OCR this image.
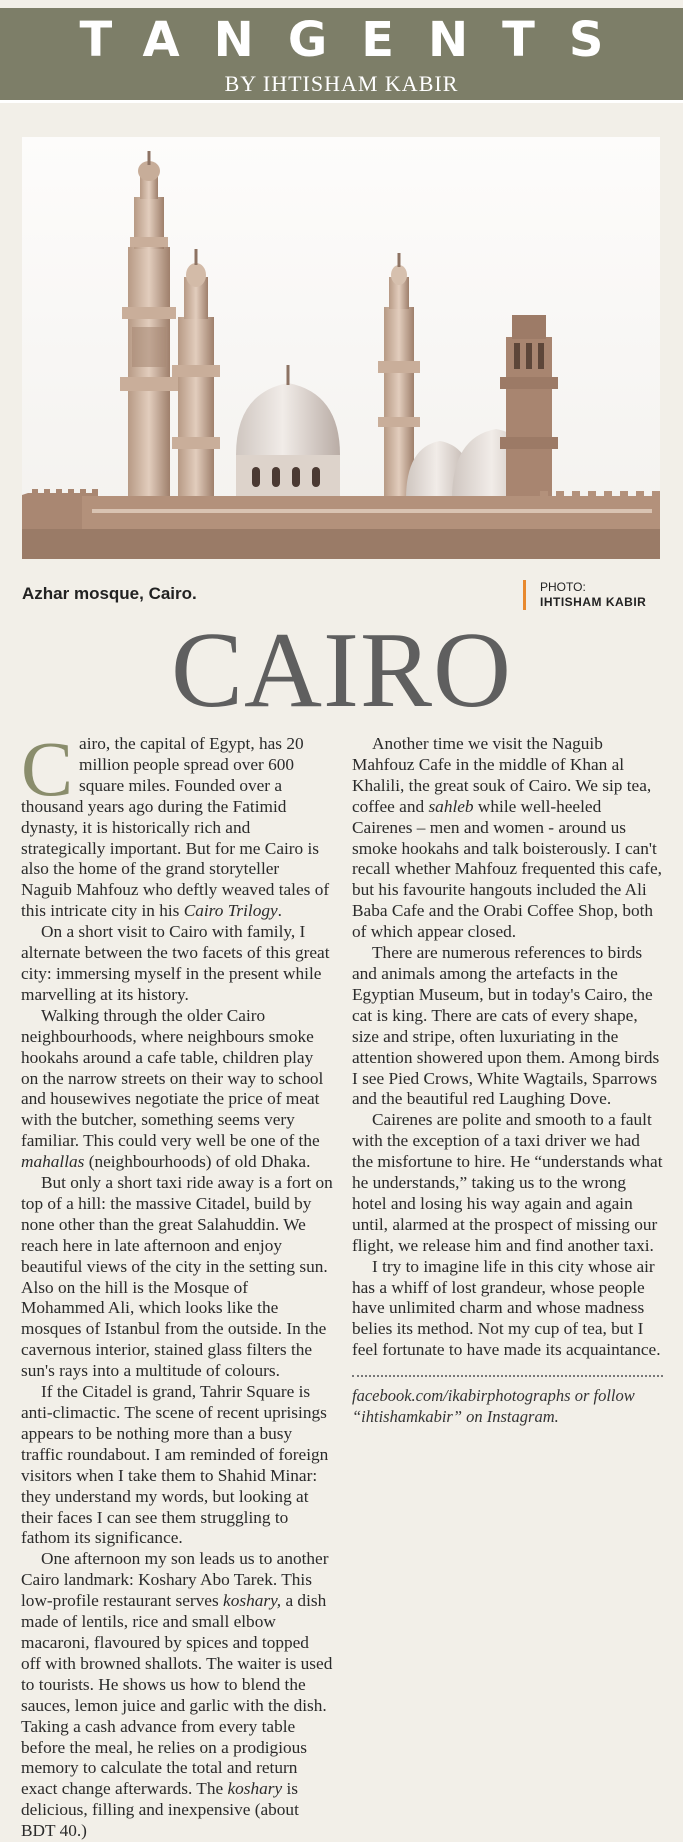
TANGENTS
BY IHTISHAM KABIR
Azhar mosque, Cairo.	PHOTO:
IHTISHAM KABIR
CAIRO

Cairo, the capital of Egypt, has 20 million people spread over 600 square miles. Founded over a thousand years ago during the Fatimid dynasty, it is historically rich and strategically important. But for me Cairo is also the home of the grand storyteller Naguib Mahfouz who deftly weaved tales of this intricate city in his Cairo Trilogy.

On a short visit to Cairo with family, I alternate between the two facets of this great city: immersing myself in the present while marvelling at its history.

Walking through the older Cairo neighbourhoods, where neighbours smoke hookahs around a cafe table, children play on the narrow streets on their way to school and housewives negotiate the price of meat with the butcher, something seems very familiar. This could very well be one of the mahallas (neighbourhoods) of old Dhaka.

But only a short taxi ride away is a fort on top of a hill: the massive Citadel, build by none other than the great Salahuddin. We reach here in late afternoon and enjoy beautiful views of the city in the setting sun. Also on the hill is the Mosque of Mohammed Ali, which looks like the mosques of Istanbul from the outside. In the cavernous interior, stained glass filters the sun's rays into a multitude of colours.

If the Citadel is grand, Tahrir Square is anti-climactic. The scene of recent uprisings appears to be nothing more than a busy traffic roundabout. I am reminded of foreign visitors when I take them to Shahid Minar: they understand my words, but looking at their faces I can see them struggling to fathom its significance.

One afternoon my son leads us to another Cairo landmark: Koshary Abo Tarek. This low-profile restaurant serves koshary, a dish made of lentils, rice and small elbow macaroni, flavoured by spices and topped off with browned shallots. The waiter is used to tourists. He shows us how to blend the sauces, lemon juice and garlic with the dish. Taking a cash advance from every table before the meal, he relies on a prodigious memory to calculate the total and return exact change afterwards. The koshary is delicious, filling and inexpensive (about BDT 40.)

Another time we visit the Naguib Mahfouz Cafe in the middle of Khan al Khalili, the great souk of Cairo. We sip tea, coffee and sahleb while well-heeled Cairenes – men and women - around us smoke hookahs and talk boisterously. I can't recall whether Mahfouz frequented this cafe, but his favourite hangouts included the Ali Baba Cafe and the Orabi Coffee Shop, both of which appear closed.

There are numerous references to birds and animals among the artefacts in the Egyptian Museum, but in today's Cairo, the cat is king. There are cats of every shape, size and stripe, often luxuriating in the attention showered upon them. Among birds I see Pied Crows, White Wagtails, Sparrows and the beautiful red Laughing Dove.

Cairenes are polite and smooth to a fault with the exception of a taxi driver we had the misfortune to hire. He “understands what he understands,” taking us to the wrong hotel and losing his way again and again until, alarmed at the prospect of missing our flight, we release him and find another taxi.

I try to imagine life in this city whose air has a whiff of lost grandeur, whose people have unlimited charm and whose madness belies its method. Not my cup of tea, but I feel fortunate to have made its acquaintance.

facebook.com/ikabirphotographs or follow “ihtishamkabir” on Instagram.
